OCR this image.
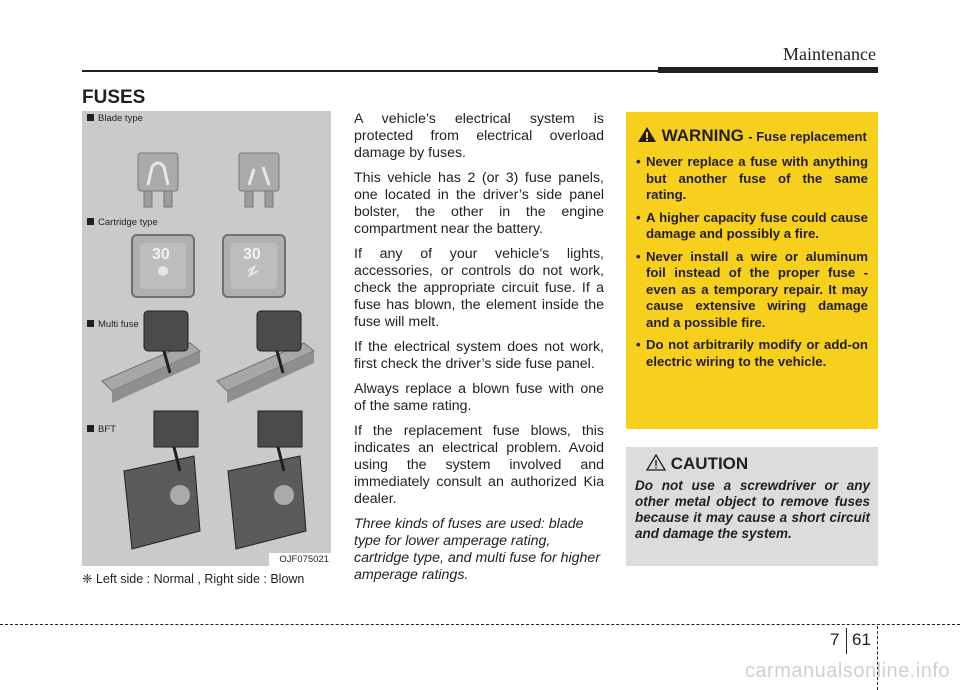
Maintenance
FUSES
Blade type
Cartridge type
Multi fuse
BFT
30	30
OJF075021
❈ Left side : Normal , Right side : Blown

A vehicle’s electrical system is protected from electrical overload damage by fuses.

This vehicle has 2 (or 3) fuse panels, one located in the driver’s side panel bolster, the other in the engine compartment near the battery.

If any of your vehicle’s lights, accessories, or controls do not work, check the appropriate circuit fuse. If a fuse has blown, the element inside the fuse will melt.

If the electrical system does not work, first check the driver’s side fuse panel.

Always replace a blown fuse with one of the same rating.

If the replacement fuse blows, this indicates an electrical problem. Avoid using the system involved and immediately consult an authorized Kia dealer.

Three kinds of fuses are used: blade type for lower amperage rating, cartridge type, and multi fuse for higher amperage ratings.

WARNING - Fuse replacement
• Never replace a fuse with anything but another fuse of the same rating.
• A higher capacity fuse could cause damage and possibly a fire.
• Never install a wire or aluminum foil instead of the proper fuse - even as a temporary repair. It may cause extensive wiring damage and a possible fire.
• Do not arbitrarily modify or add-on electric wiring to the vehicle.
CAUTION
Do not use a screwdriver or any other metal object to remove fuses because it may cause a short circuit and damage the system.
7 61
carmanualsonline.info
